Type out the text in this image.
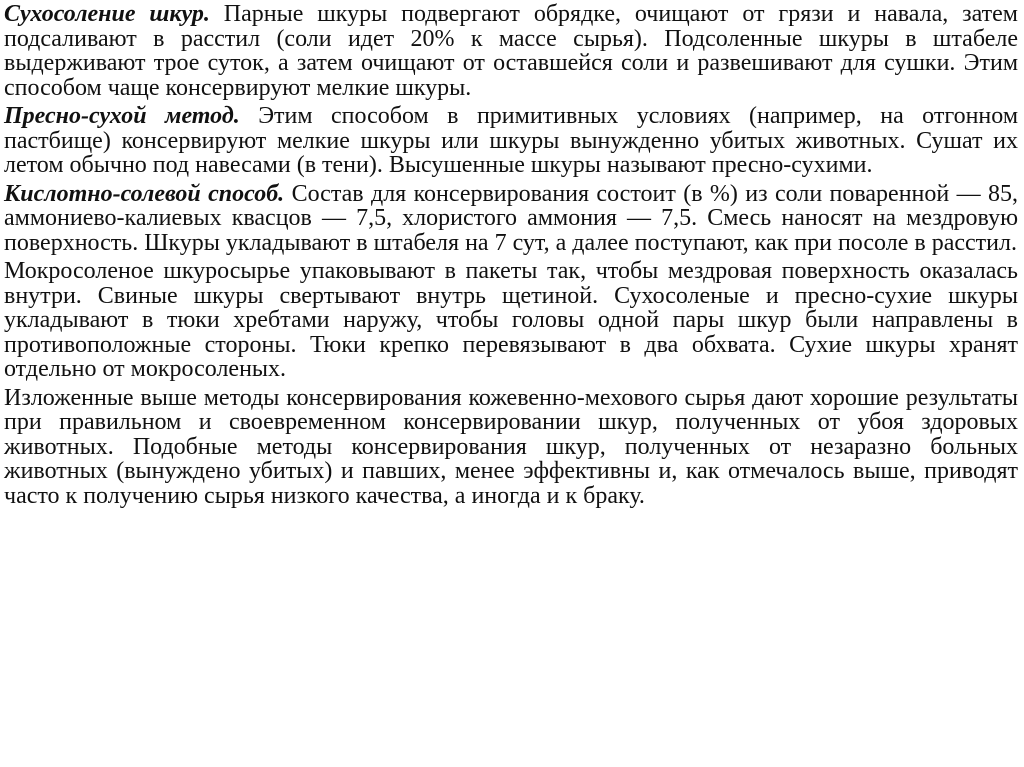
Сухосоление шкур. Парные шкуры подвергают обрядке, очищают от грязи и навала, затем подсаливают в расстил (соли идет 20% к массе сырья). Подсоленные шкуры в штабеле выдерживают трое суток, а затем очищают от оставшейся соли и развешивают для сушки. Этим способом чаще консервируют мелкие шкуры.

Пресно-сухой метод. Этим способом в примитивных условиях (например, на отгонном пастбище) консервируют мелкие шкуры или шкуры вынужденно убитых животных. Сушат их летом обычно под навесами (в тени). Высушенные шкуры называют пресно-сухими.

Кислотно-солевой способ. Состав для консервирования состоит (в %) из соли поваренной — 85, аммониево-калиевых квасцов — 7,5, хлористого аммония — 7,5. Смесь наносят на мездровую поверхность. Шкуры укладывают в штабеля на 7 сут, а далее поступают, как при посоле в расстил.

Мокросоленое шкуросырье упаковывают в пакеты так, чтобы мездровая поверхность оказалась внутри. Свиные шкуры свертывают внутрь щетиной. Сухосоленые и пресно-сухие шкуры укладывают в тюки хребтами наружу, чтобы головы одной пары шкур были направлены в противоположные стороны. Тюки крепко перевязывают в два обхвата. Сухие шкуры хранят отдельно от мокросоленых.

Изложенные выше методы консервирования кожевенно-мехового сырья дают хорошие результаты при правильном и своевременном консервировании шкур, полученных от убоя здоровых животных. Подобные методы консервирования шкур, полученных от незаразно больных животных (вынуждено убитых) и павших, менее эффективны и, как отмечалось выше, приводят часто к получению сырья низкого качества, а иногда и к браку.
